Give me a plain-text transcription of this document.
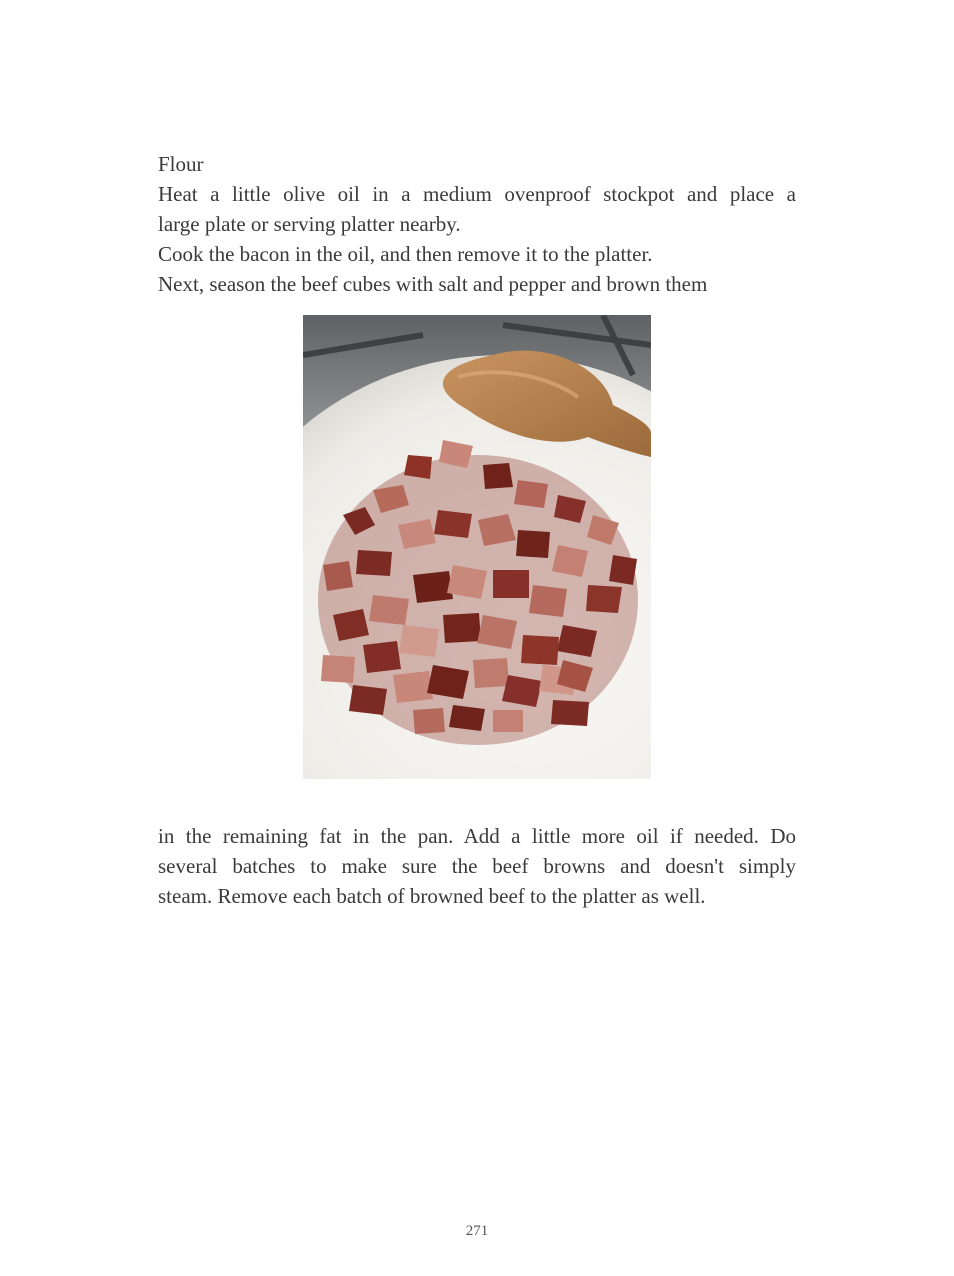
Flour
Heat a little olive oil in a medium ovenproof stockpot and place a
large plate or serving platter nearby.
Cook the bacon in the oil, and then remove it to the platter.
Next, season the beef cubes with salt and pepper and brown them
in the remaining fat in the pan. Add a little more oil if needed. Do
several batches to make sure the beef browns and doesn't simply
steam. Remove each batch of browned beef to the platter as well.
271
